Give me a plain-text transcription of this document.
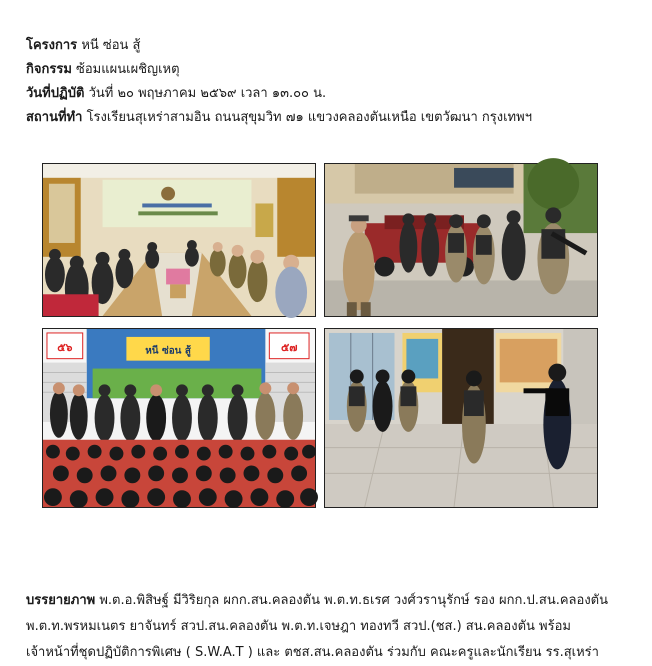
โครงการ หนี ซ่อน สู้
กิจกรรม ซ้อมแผนเผชิญเหตุ
วันที่ปฏิบัติ วันที่ ๒๐ พฤษภาคม ๒๕๖๙ เวลา ๑๓.๐๐ น.
สถานที่ทำ โรงเรียนสุเหร่าสามอิน ถนนสุขุมวิท ๗๑ แขวงคลองตันเหนือ เขตวัฒนา กรุงเทพฯ
๕๖	๕๗
หนี ซ่อน สู้
บรรยายภาพ พ.ต.อ.พิสิษฐ์ มีวิริยกุล ผกก.สน.คลองตัน พ.ต.ท.ธเรศ วงศ์วรานุรักษ์ รอง ผกก.ป.สน.คลองตัน
พ.ต.ท.พรหมเนตร ยาจันทร์ สวป.สน.คลองตัน พ.ต.ท.เจษฎา ทองทวี สวป.(ชส.) สน.คลองตัน พร้อม
เจ้าหน้าที่ชุดปฏิบัติการพิเศษ ( S.W.A.T ) และ ตชส.สน.คลองตัน ร่วมกับ คณะครูและนักเรียน รร.สุเหร่า
